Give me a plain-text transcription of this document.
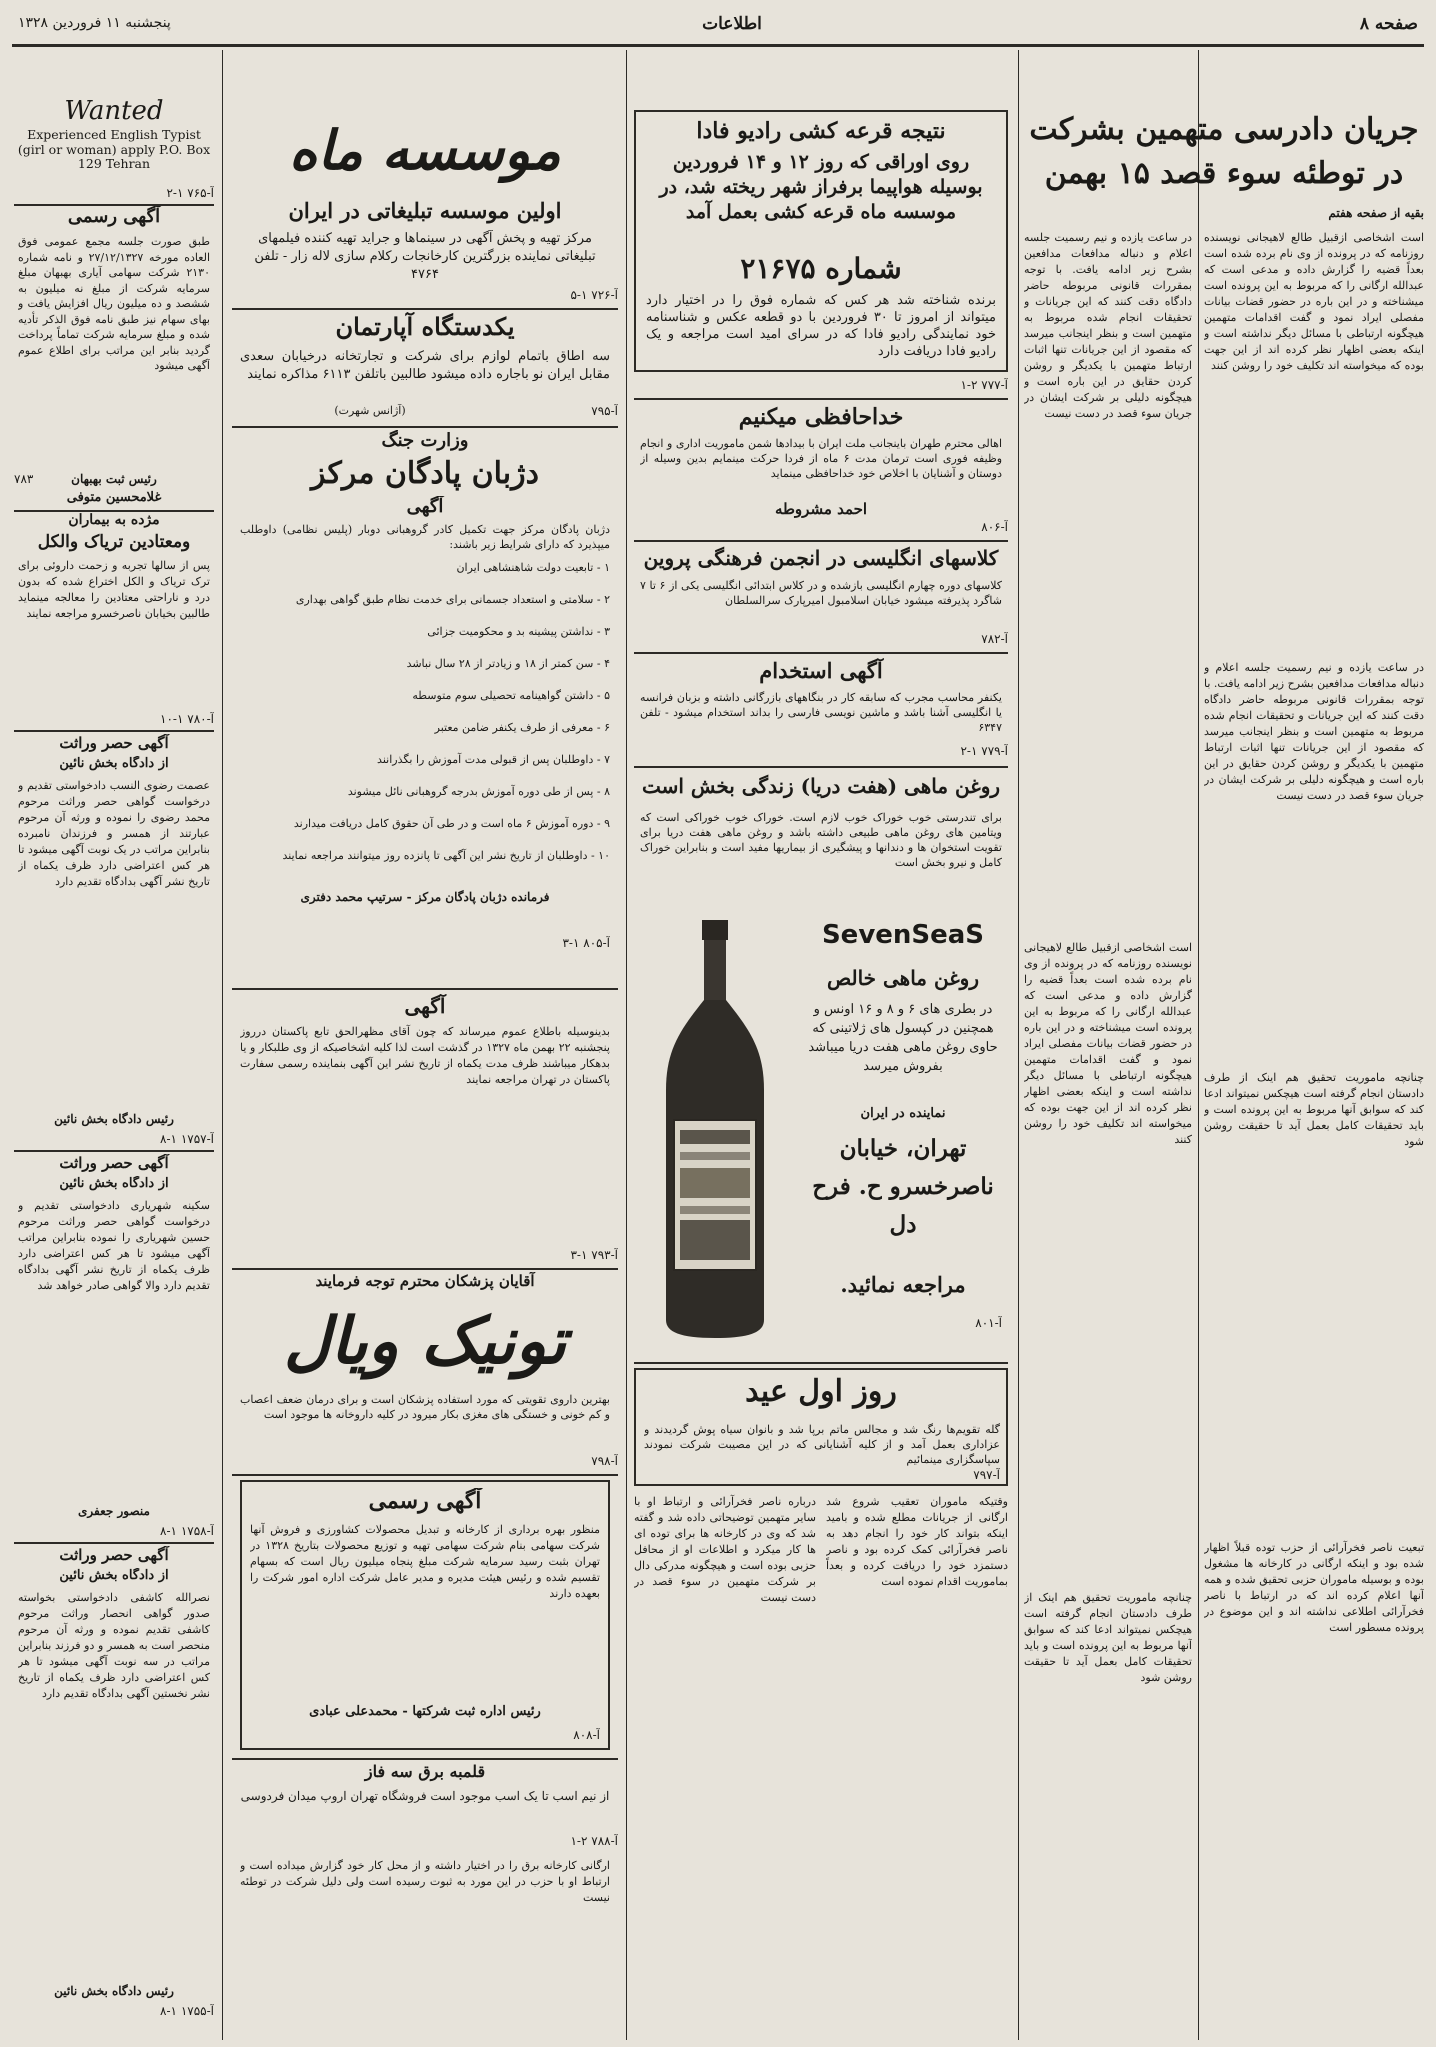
صفحه ۸
اطلاعات
پنجشنبه ۱۱ فروردین ۱۳۲۸
جریان دادرسی متهمین بشرکت در توطئه سوء قصد ۱۵ بهمن
بقیه از صفحه هفتم
است اشخاصی ازقبیل طالع لاهیجانی نویسنده روزنامه که در پرونده از وی نام برده شده است بعداً قضیه را گزارش داده و مدعی است که عبدالله ارگانی را که مربوط به این پرونده است میشناخته و در این باره در حضور قضات بیانات مفصلی ایراد نمود و گفت اقدامات متهمین هیچگونه ارتباطی با مسائل دیگر نداشته است و اینکه بعضی اظهار نظر کرده اند از این جهت بوده که میخواسته اند تکلیف خود را روشن کنند
در ساعت یازده و نیم رسمیت جلسه اعلام و دنباله مدافعات مدافعین بشرح زیر ادامه یافت. با توجه بمقررات قانونی مربوطه حاضر دادگاه دقت کنند که این جریانات و تحقیقات انجام شده مربوط به متهمین است و بنظر اینجانب میرسد که مقصود از این جریانات تنها اثبات ارتباط متهمین با یکدیگر و روشن کردن حقایق در این باره است و هیچگونه دلیلی بر شرکت ایشان در جریان سوء قصد در دست نیست
چنانچه ماموریت تحقیق هم اینک از طرف دادستان انجام گرفته است هیچکس نمیتواند ادعا کند که سوابق آنها مربوط به این پرونده است و باید تحقیقات کامل بعمل آید تا حقیقت روشن شود
تبعیت ناصر فخرآرائی از حزب توده قبلاً اظهار شده بود و اینکه ارگانی در کارخانه ها مشغول بوده و بوسیله ماموران حزبی تحقیق شده و همه آنها اعلام کرده اند که در ارتباط با ناصر فخرآرائی اطلاعی نداشته اند و این موضوع در پرونده مسطور است
در ساعت یازده و نیم رسمیت جلسه اعلام و دنباله مدافعات مدافعین بشرح زیر ادامه یافت. با توجه بمقررات قانونی مربوطه حاضر دادگاه دقت کنند که این جریانات و تحقیقات انجام شده مربوط به متهمین است و بنظر اینجانب میرسد که مقصود از این جریانات تنها اثبات ارتباط متهمین با یکدیگر و روشن کردن حقایق در این باره است و هیچگونه دلیلی بر شرکت ایشان در جریان سوء قصد در دست نیست
است اشخاصی ازقبیل طالع لاهیجانی نویسنده روزنامه که در پرونده از وی نام برده شده است بعداً قضیه را گزارش داده و مدعی است که عبدالله ارگانی را که مربوط به این پرونده است میشناخته و در این باره در حضور قضات بیانات مفصلی ایراد نمود و گفت اقدامات متهمین هیچگونه ارتباطی با مسائل دیگر نداشته است و اینکه بعضی اظهار نظر کرده اند از این جهت بوده که میخواسته اند تکلیف خود را روشن کنند
چنانچه ماموریت تحقیق هم اینک از طرف دادستان انجام گرفته است هیچکس نمیتواند ادعا کند که سوابق آنها مربوط به این پرونده است و باید تحقیقات کامل بعمل آید تا حقیقت روشن شود
نتیجه قرعه کشی رادیو فادا
روی اوراقی که روز ۱۲ و ۱۴ فروردین بوسیله هواپیما برفراز شهر ریخته شد، در موسسه ماه قرعه کشی بعمل آمد
شماره ۲۱۶۷۵
برنده شناخته شد هر کس که شماره فوق را در اختیار دارد میتواند از امروز تا ۳۰ فروردین با دو قطعه عکس و شناسنامه خود نمایندگی رادیو فادا که در سرای امید است مراجعه و یک رادیو فادا دریافت دارد
آ-۷۷۷ ۲-۱
خداحافظی میکنیم
اهالی محترم طهران باینجانب ملت ایران با بیدادها شمن ماموریت اداری و انجام وظیفه فوری است ترمان مدت ۶ ماه از فردا حرکت مینمایم بدین وسیله از دوستان و آشنایان با اخلاص خود خداحافظی مینماید
احمد مشروطه
آ-۸۰۶
کلاسهای انگلیسی در انجمن فرهنگی پروین
کلاسهای دوره چهارم انگلیسی بازشده و در کلاس ابتدائی انگلیسی یکی از ۶ تا ۷ شاگرد پذیرفته میشود خیابان اسلامبول امیرپارک سرالسلطان
آ-۷۸۲
آگهی استخدام
یکنفر محاسب مجرب که سابقه کار در بنگاههای بازرگانی داشته و بزبان فرانسه یا انگلیسی آشنا باشد و ماشین نویسی فارسی را بداند استخدام میشود - تلفن ۶۳۴۷
آ-۷۷۹ ۱-۲
روغن ماهی (هفت دریا) زندگی بخش است
برای تندرستی خوب خوراک خوب لازم است. خوراک خوب خوراکی است که ویتامین های روغن ماهی طبیعی داشته باشد و روغن ماهی هفت دریا برای تقویت استخوان ها و دندانها و پیشگیری از بیماریها مفید است و بنابراین خوراک کامل و نیرو بخش است
SevenSeaS
روغن ماهی خالص
در بطری های ۶ و ۸ و ۱۶ اونس و همچنین در کپسول های ژلاتینی که حاوی روغن ماهی هفت دریا میباشد بفروش میرسد
نماینده در ایران
تهران، خیابان ناصرخسرو ح. فرح دل
مراجعه نمائید.
آ-۸۰۱
روز اول عید
گله تقویم‌ها رنگ شد و مجالس ماتم برپا شد و بانوان سیاه پوش گردیدند و عزاداری بعمل آمد و از کلیه آشنایانی که در این مصیبت شرکت نمودند سپاسگزاری مینمائیم
آ-۷۹۷
درباره ناصر فخرآرائی و ارتباط او با سایر متهمین توضیحاتی داده شد و گفته شد که وی در کارخانه ها برای توده ای ها کار میکرد و اطلاعات او از محافل حزبی بوده است و هیچگونه مدرکی دال بر شرکت متهمین در سوء قصد در دست نیست
وقتیکه ماموران تعقیب شروع شد ارگانی از جریانات مطلع شده و بامید اینکه بتواند کار خود را انجام دهد به ناصر فخرآرائی کمک کرده بود و ناصر دستمزد خود را دریافت کرده و بعداً بماموریت اقدام نموده است
موسسه ماه
اولین موسسه تبلیغاتی در ایران
مرکز تهیه و پخش آگهی در سینماها و جراید تهیه کننده فیلمهای تبلیغاتی نماینده بزرگترین کارخانجات رکلام سازی لاله زار - تلفن ۴۷۶۴
آ-۷۲۶ ۱-۵
یکدستگاه آپارتمان
سه اطاق باتمام لوازم برای شرکت و تجارتخانه درخیابان سعدی مقابل ایران نو باجاره داده میشود طالبین باتلفن ۶۱۱۳ مذاکره نمایند
(آژانس شهرت)	آ-۷۹۵
وزارت جنگ
دژبان پادگان مرکز
آگهی
دژبان پادگان مرکز جهت تکمیل کادر گروهبانی دوبار (پلیس نظامی) داوطلب میپذیرد که دارای شرایط زیر باشند:
۱ - تابعیت دولت شاهنشاهی ایران
۲ - سلامتی و استعداد جسمانی برای خدمت نظام طبق گواهی بهداری
۳ - نداشتن پیشینه بد و محکومیت جزائی
۴ - سن کمتر از ۱۸ و زیادتر از ۲۸ سال نباشد
۵ - داشتن گواهینامه تحصیلی سوم متوسطه
۶ - معرفی از طرف یکنفر ضامن معتبر
۷ - داوطلبان پس از قبولی مدت آموزش را بگذرانند
۸ - پس از طی دوره آموزش بدرجه گروهبانی نائل میشوند
۹ - دوره آموزش ۶ ماه است و در طی آن حقوق کامل دریافت میدارند
۱۰ - داوطلبان از تاریخ نشر این آگهی تا پانزده روز میتوانند مراجعه نمایند
فرمانده دژبان پادگان مرکز - سرتیپ محمد دفتری
آ-۸۰۵ ۱-۳
آگهی
بدینوسیله باطلاع عموم میرساند که چون آقای مظهرالحق تابع پاکستان درروز پنجشنبه ۲۲ بهمن ماه ۱۳۲۷ در گذشت است لذا کلیه اشخاصیکه از وی طلبکار و یا بدهکار میباشند ظرف مدت یکماه از تاریخ نشر این آگهی بنماینده رسمی سفارت پاکستان در تهران مراجعه نمایند
آ-۷۹۳ ۱-۳
آقایان پزشکان محترم توجه فرمایند
تونیک ویال
بهترین داروی تقویتی که مورد استفاده پزشکان است و برای درمان ضعف اعصاب و کم خونی و خستگی های مغزی بکار میرود در کلیه داروخانه ها موجود است
آ-۷۹۸
آگهی رسمی
منظور بهره برداری از کارخانه و تبدیل محصولات کشاورزی و فروش آنها شرکت سهامی بنام شرکت سهامی تهیه و توزیع محصولات بتاریخ ۱۳۲۸ در تهران بثبت رسید سرمایه شرکت مبلغ پنجاه میلیون ریال است که بسهام تقسیم شده و رئیس هیئت مدیره و مدیر عامل شرکت اداره امور شرکت را بعهده دارند
رئیس اداره ثبت شرکتها - محمدعلی عبادی
آ-۸۰۸
قلمبه برق سه فاز
از نیم اسب تا یک اسب موجود است فروشگاه تهران اروپ میدان فردوسی
آ-۷۸۸ ۲-۱
ارگانی کارخانه برق را در اختیار داشته و از محل کار خود گزارش میداده است و ارتباط او با حزب در این مورد به ثبوت رسیده است ولی دلیل شرکت در توطئه نیست
Wanted
Experienced English Typist (girl or woman) apply P.O. Box 129 Tehran
آ-۷۶۵ ۱-۲
آگهی رسمی
طبق صورت جلسه مجمع عمومی فوق العاده مورخه ۲۷/۱۲/۱۳۲۷ و نامه شماره ۲۱۳۰ شرکت سهامی آیاری بهبهان مبلغ سرمایه شرکت از مبلغ نه میلیون به ششصد و ده میلیون ریال افزایش یافت و بهای سهام نیز طبق نامه فوق الذکر تأدیه شده و مبلغ سرمایه شرکت تماماً پرداخت گردید بنابر این مراتب برای اطلاع عموم آگهی میشود
رئیس ثبت بهبهان
غلامحسین متوفی
۷۸۳
مژده به بیماران
ومعتادین تریاک والکل
پس از سالها تجربه و زحمت داروئی برای ترک تریاک و الکل اختراع شده که بدون درد و ناراحتی معتادین را معالجه مینماید طالبین بخیابان ناصرخسرو مراجعه نمایند
آ-۷۸۰ ۱-۱۰
آگهی حصر وراثت
از دادگاه بخش نائین
عصمت رضوی النسب دادخواستی تقدیم و درخواست گواهی حصر وراثت مرحوم محمد رضوی را نموده و ورثه آن مرحوم عبارتند از همسر و فرزندان نامبرده بنابراین مراتب در یک نوبت آگهی میشود تا هر کس اعتراضی دارد ظرف یکماه از تاریخ نشر آگهی بدادگاه تقدیم دارد
رئیس دادگاه بخش نائین
آ-۱۷۵۷ ۱-۸
آگهی حصر وراثت
از دادگاه بخش نائین
سکینه شهریاری دادخواستی تقدیم و درخواست گواهی حصر وراثت مرحوم حسین شهریاری را نموده بنابراین مراتب آگهی میشود تا هر کس اعتراضی دارد ظرف یکماه از تاریخ نشر آگهی بدادگاه تقدیم دارد والا گواهی صادر خواهد شد
منصور جعفری
آ-۱۷۵۸ ۱-۸
آگهی حصر وراثت
از دادگاه بخش نائین
نصرالله کاشفی دادخواستی بخواسته صدور گواهی انحصار وراثت مرحوم کاشفی تقدیم نموده و ورثه آن مرحوم منحصر است به همسر و دو فرزند بنابراین مراتب در سه نوبت آگهی میشود تا هر کس اعتراضی دارد ظرف یکماه از تاریخ نشر نخستین آگهی بدادگاه تقدیم دارد
رئیس دادگاه بخش نائین
آ-۱۷۵۵ ۱-۸
